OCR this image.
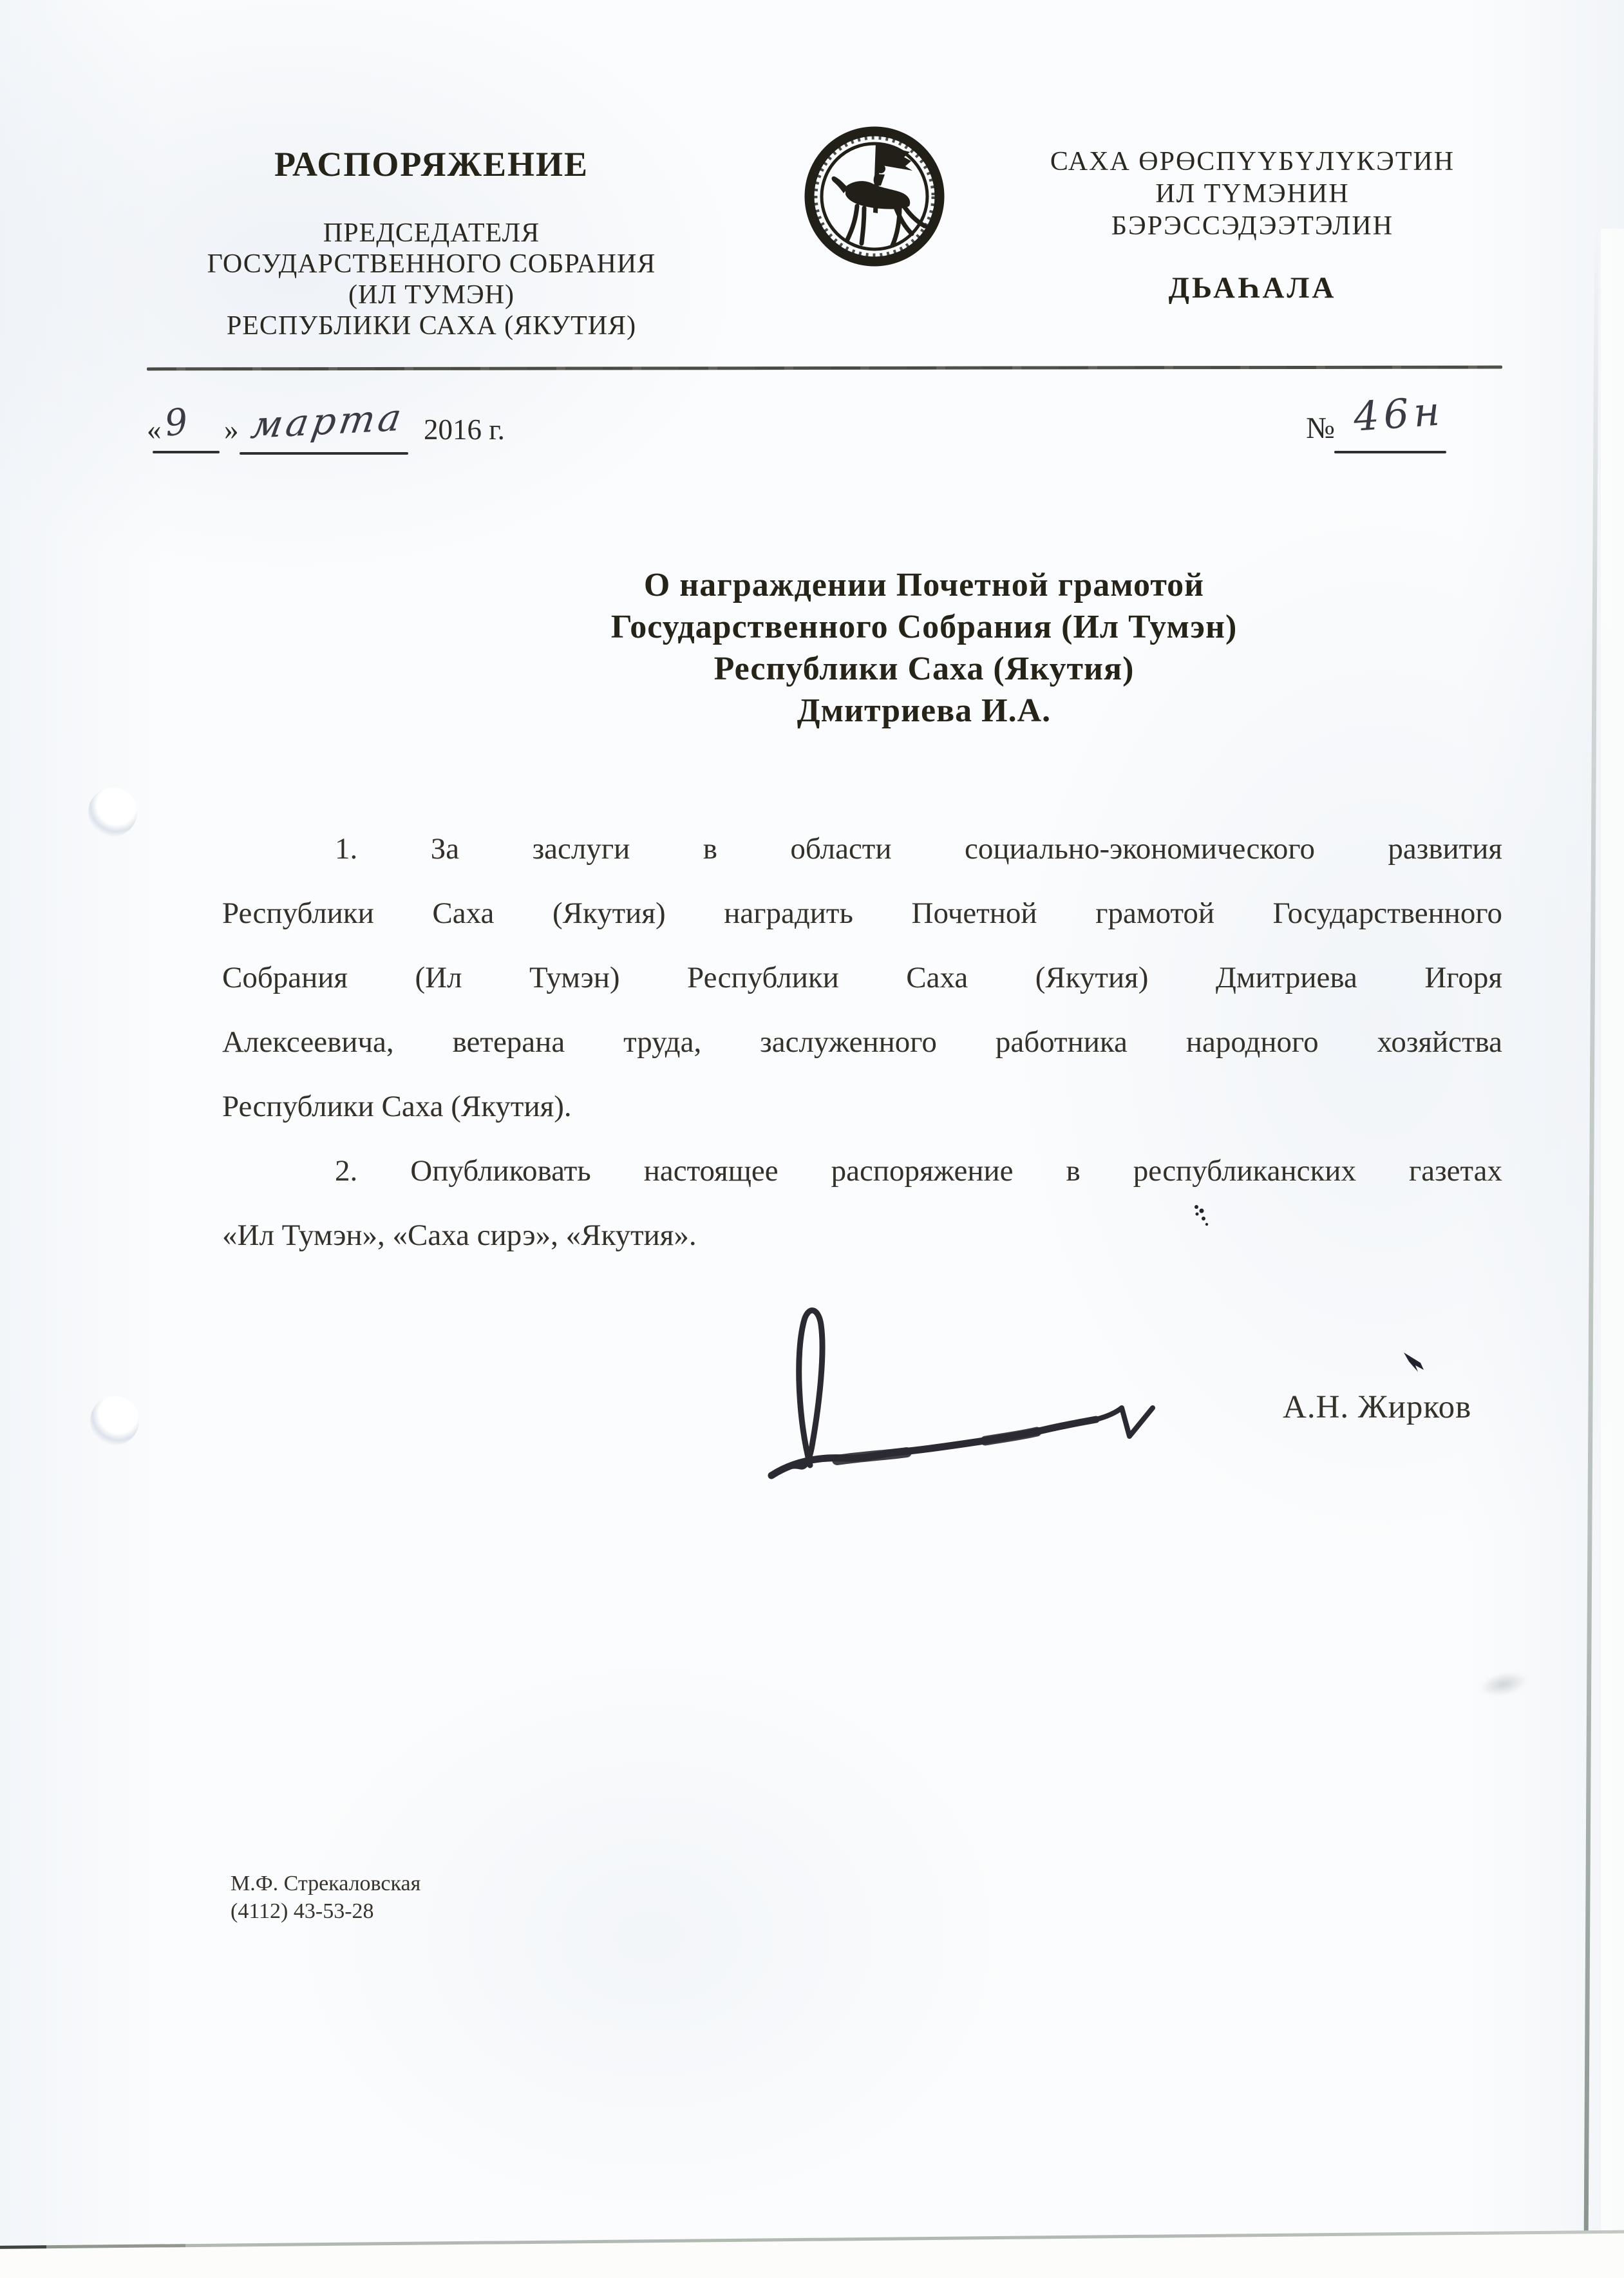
РАСПОРЯЖЕНИЕ
ПРЕДСЕДАТЕЛЯ
ГОСУДАРСТВЕННОГО СОБРАНИЯ
(ИЛ ТУМЭН)
РЕСПУБЛИКИ САХА (ЯКУТИЯ)
САХА ӨРӨСПҮҮБҮЛҮКЭТИН
ИЛ ТҮМЭНИН
БЭРЭССЭДЭЭТЭЛИН
ДЬАҺАЛА
« 9 » марта 2016 г.	№ 46н
О награждении Почетной грамотой
Государственного Собрания (Ил Тумэн)
Республики Саха (Якутия)
Дмитриева И.А.
1. За заслуги в области социально-экономического развития
Республики Саха (Якутия) наградить Почетной грамотой Государственного
Собрания (Ил Тумэн) Республики Саха (Якутия) Дмитриева Игоря
Алексеевича, ветерана труда, заслуженного работника народного хозяйства
Республики Саха (Якутия).
2. Опубликовать настоящее распоряжение в республиканских газетах
«Ил Тумэн», «Саха сирэ», «Якутия».
А.Н. Жирков
М.Ф. Стрекаловская
(4112) 43-53-28
